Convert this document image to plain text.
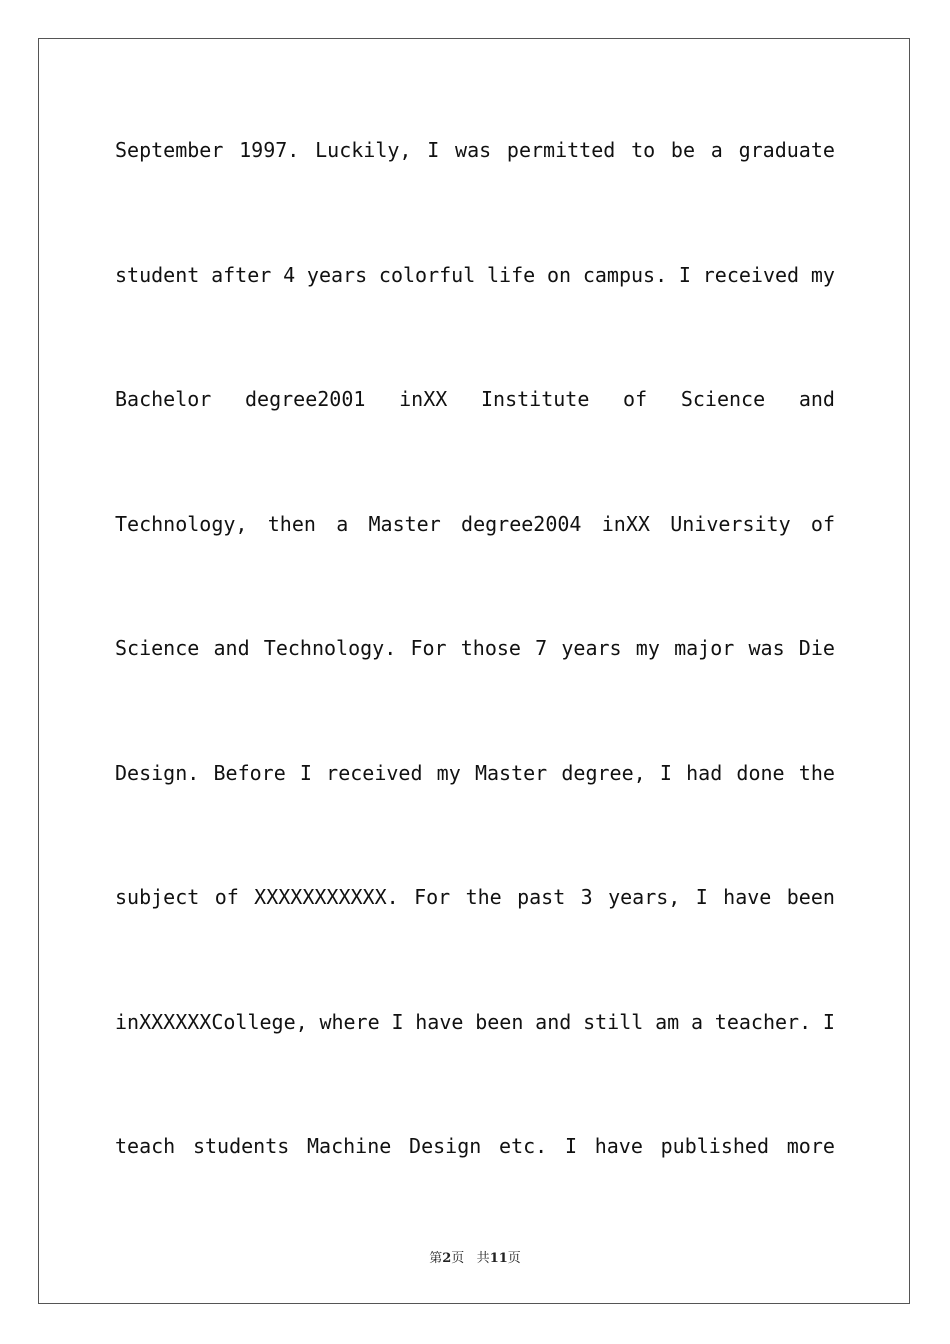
September 1997. Luckily, I was permitted to be a graduate
student after 4 years colorful life on campus. I received my
Bachelor degree2001 inXX Institute of Science and
Technology, then a Master degree2004 inXX University of
Science and Technology. For those 7 years my major was Die
Design. Before I received my Master degree, I had done the
subject of XXXXXXXXXXX. For the past 3 years, I have been
inXXXXXXCollege, where I have been and still am a teacher. I
teach students Machine Design etc. I have published more
第2页 共11页
